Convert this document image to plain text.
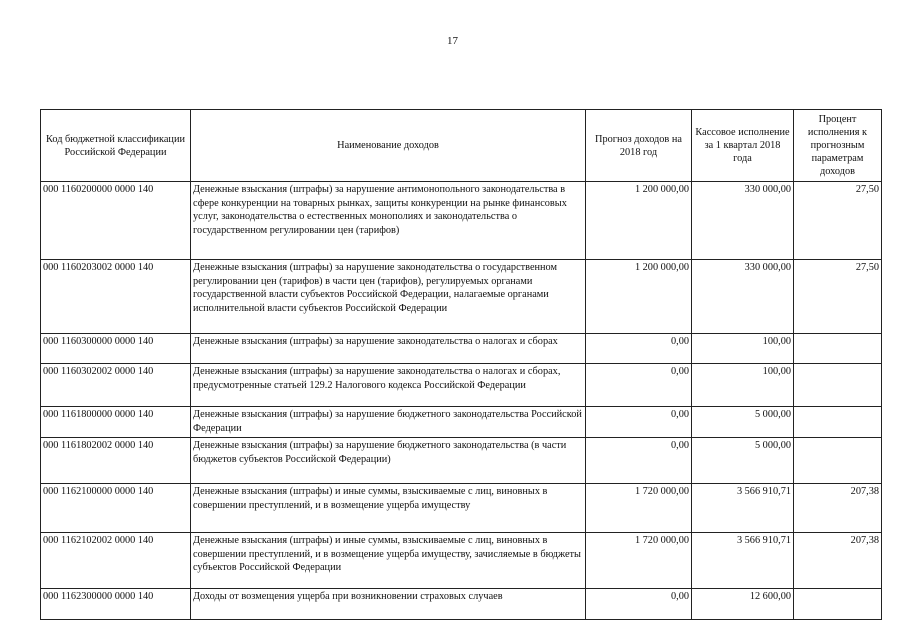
17
Код бюджетной классификации Российской Федерации	Наименование доходов	Прогноз доходов на 2018 год	Кассовое исполнение за 1 квартал 2018 года	Процент исполнения к прогнозным параметрам доходов
000 1160200000 0000 140	Денежные взыскания (штрафы) за нарушение антимонопольного законодательства в сфере конкуренции на товарных рынках, защиты конкуренции на рынке финансовых услуг, законодательства о естественных монополиях и законодательства о государственном регулировании цен (тарифов)	1 200 000,00	330 000,00	27,50
000 1160203002 0000 140	Денежные взыскания (штрафы) за нарушение законодательства о государственном регулировании цен (тарифов) в части цен (тарифов), регулируемых органами государственной власти субъектов Российской Федерации, налагаемые органами исполнительной власти субъектов Российской Федерации	1 200 000,00	330 000,00	27,50
000 1160300000 0000 140	Денежные взыскания (штрафы) за нарушение законодательства о налогах и сборах	0,00	100,00	
000 1160302002 0000 140	Денежные взыскания (штрафы) за нарушение законодательства о налогах и сборах, предусмотренные статьей 129.2 Налогового кодекса Российской Федерации	0,00	100,00	
000 1161800000 0000 140	Денежные взыскания (штрафы) за нарушение бюджетного законодательства Российской Федерации	0,00	5 000,00	
000 1161802002 0000 140	Денежные взыскания (штрафы) за нарушение бюджетного законодательства (в части бюджетов субъектов Российской Федерации)	0,00	5 000,00	
000 1162100000 0000 140	Денежные взыскания (штрафы) и иные суммы, взыскиваемые с лиц, виновных в совершении преступлений, и в возмещение ущерба имуществу	1 720 000,00	3 566 910,71	207,38
000 1162102002 0000 140	Денежные взыскания (штрафы) и иные суммы, взыскиваемые с лиц, виновных в совершении преступлений, и в возмещение ущерба имуществу, зачисляемые в бюджеты субъектов Российской Федерации	1 720 000,00	3 566 910,71	207,38
000 1162300000 0000 140	Доходы от возмещения ущерба при возникновении страховых случаев	0,00	12 600,00	
